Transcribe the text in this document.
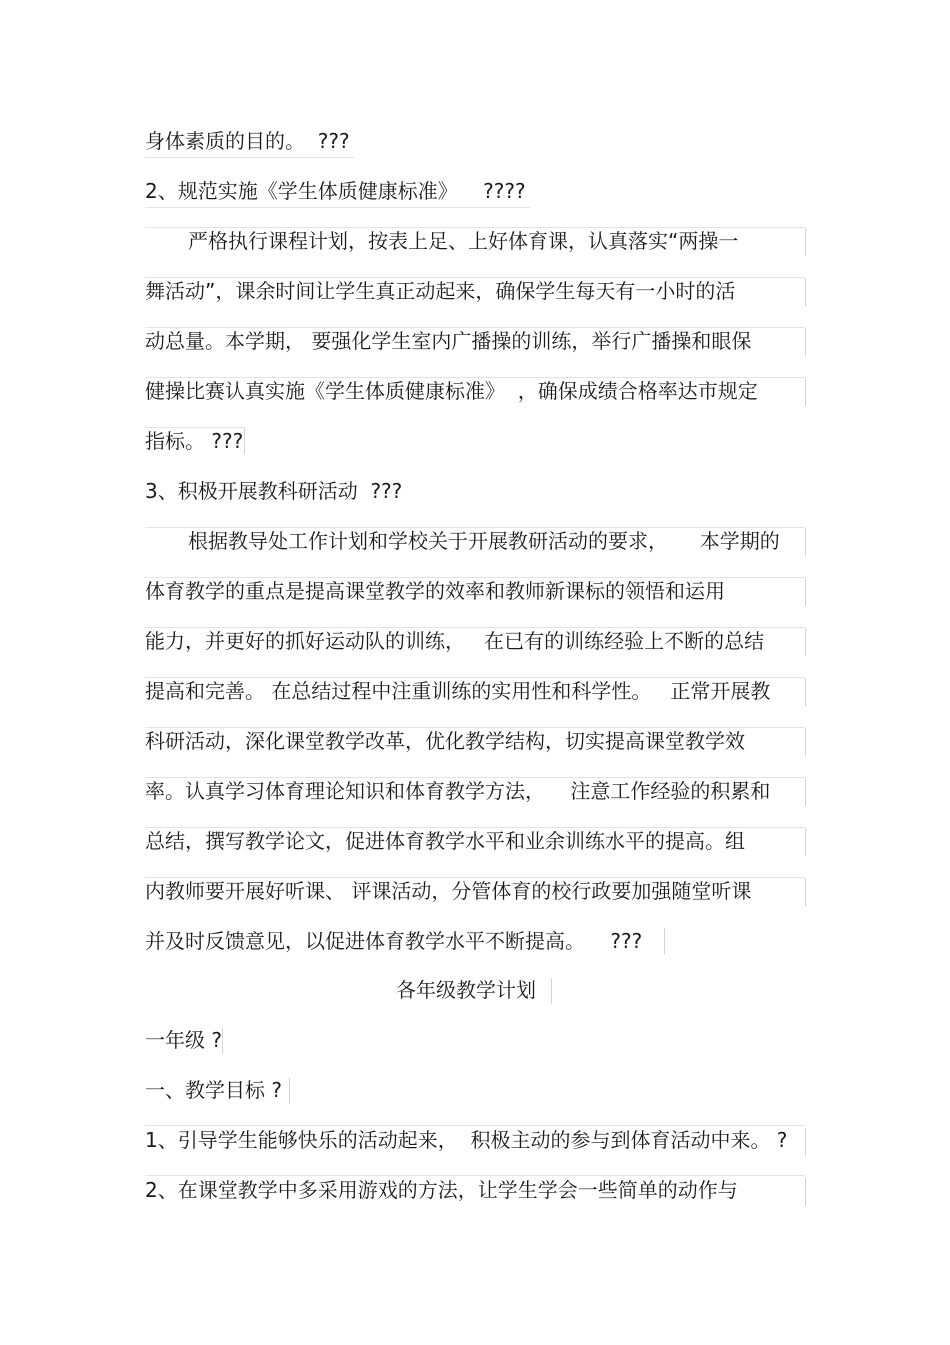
身体素质的目的。  ???
2、规范实施《学生体质健康标准》    ????
严格执行课程计划，按表上足、上好体育课，认真落实“两操一
舞活动”，课余时间让学生真正动起来，确保学生每天有一小时的活
动总量。本学期， 要强化学生室内广播操的训练，举行广播操和眼保
健操比赛认真实施《学生体质健康标准》  ，确保成绩合格率达市规定
指标。 ???
3、积极开展教科研活动  ???
根据教导处工作计划和学校关于开展教研活动的要求，     本学期的
体育教学的重点是提高课堂教学的效率和教师新课标的领悟和运用
能力，并更好的抓好运动队的训练，   在已有的训练经验上不断的总结
提高和完善。 在总结过程中注重训练的实用性和科学性。   正常开展教
科研活动，深化课堂教学改革，优化教学结构，切实提高课堂教学效
率。认真学习体育理论知识和体育教学方法，    注意工作经验的积累和
总结，撰写教学论文，促进体育教学水平和业余训练水平的提高。组
内教师要开展好听课、 评课活动，分管体育的校行政要加强随堂听课
并及时反馈意见，以促进体育教学水平不断提高。    ???
各年级教学计划
一年级 ?
一、教学目标 ?
1、引导学生能够快乐的活动起来，  积极主动的参与到体育活动中来。 ?
2、在课堂教学中多采用游戏的方法，让学生学会一些简单的动作与
